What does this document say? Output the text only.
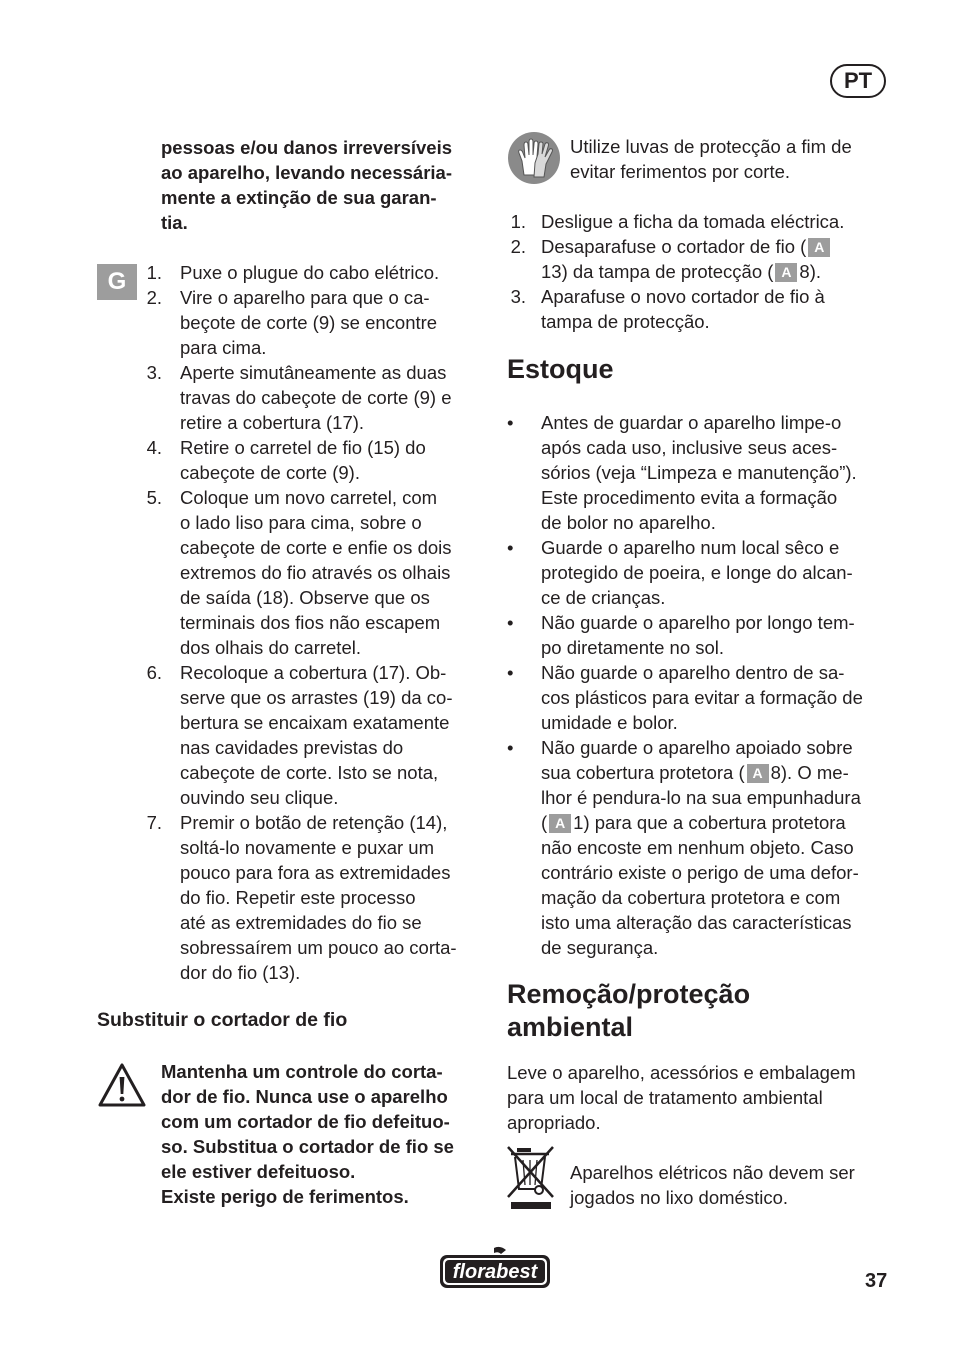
PT
pessoas e/ou danos irreversíveis
ao aparelho, levando necessária-
mente a extinção de sua garan-
tia.
G	1. Puxe o plugue do cabo elétrico.
2. Vire o aparelho para que o ca-
beçote de corte (9) se encontre
para cima.
3. Aperte simutâneamente as duas
travas do cabeçote de corte (9) e
retire a cobertura (17).
4. Retire o carretel de fio (15) do
cabeçote de corte (9).
5. Coloque um novo carretel, com
o lado liso para cima, sobre o
cabeçote de corte e enfie os dois
extremos do fio através os olhais
de saída (18). Observe que os
terminais dos fios não escapem
dos olhais do carretel.
6. Recoloque a cobertura (17). Ob-
serve que os arrastes (19) da co-
bertura se encaixam exatamente
nas cavidades previstas do
cabeçote de corte. Isto se nota,
ouvindo seu clique.
7. Premir o botão de retenção (14),
soltá-lo novamente e puxar um
pouco para fora as extremidades
do fio. Repetir este processo
até as extremidades do fio se
sobressaírem um pouco ao corta-
dor do fio (13).
Substituir o cortador de fio
Mantenha um controle do corta-
dor de fio. Nunca use o aparelho
com um cortador de fio defeituo-
so. Substitua o cortador de fio se
ele estiver defeituoso.
Existe perigo de ferimentos.
Utilize luvas de protecção a fim de
evitar ferimentos por corte.
1. Desligue a ficha da tomada eléctrica.
2. Desaparafuse o cortador de fio ( A
13) da tampa de protecção ( A 8).
3. Aparafuse o novo cortador de fio à
tampa de protecção.
Estoque
• Antes de guardar o aparelho limpe-o
após cada uso, inclusive seus aces-
sórios (veja “Limpeza e manutenção”).
Este procedimento evita a formação
de bolor no aparelho.
• Guarde o aparelho num local sêco e
protegido de poeira, e longe do alcan-
ce de crianças.
• Não guarde o aparelho por longo tem-
po diretamente no sol.
• Não guarde o aparelho dentro de sa-
cos plásticos para evitar a formação de
umidade e bolor.
• Não guarde o aparelho apoiado sobre
sua cobertura protetora ( A 8). O me-
lhor é pendura-lo na sua empunhadura
( A 1) para que a cobertura protetora
não encoste em nenhum objeto. Caso
contrário existe o perigo de uma defor-
mação da cobertura protetora e com
isto uma alteração das características
de segurança.
Remoção/proteção
ambiental
Leve o aparelho, acessórios e embalagem
para um local de tratamento ambiental
apropriado.
Aparelhos elétricos não devem ser
jogados no lixo doméstico.
florabest	37
